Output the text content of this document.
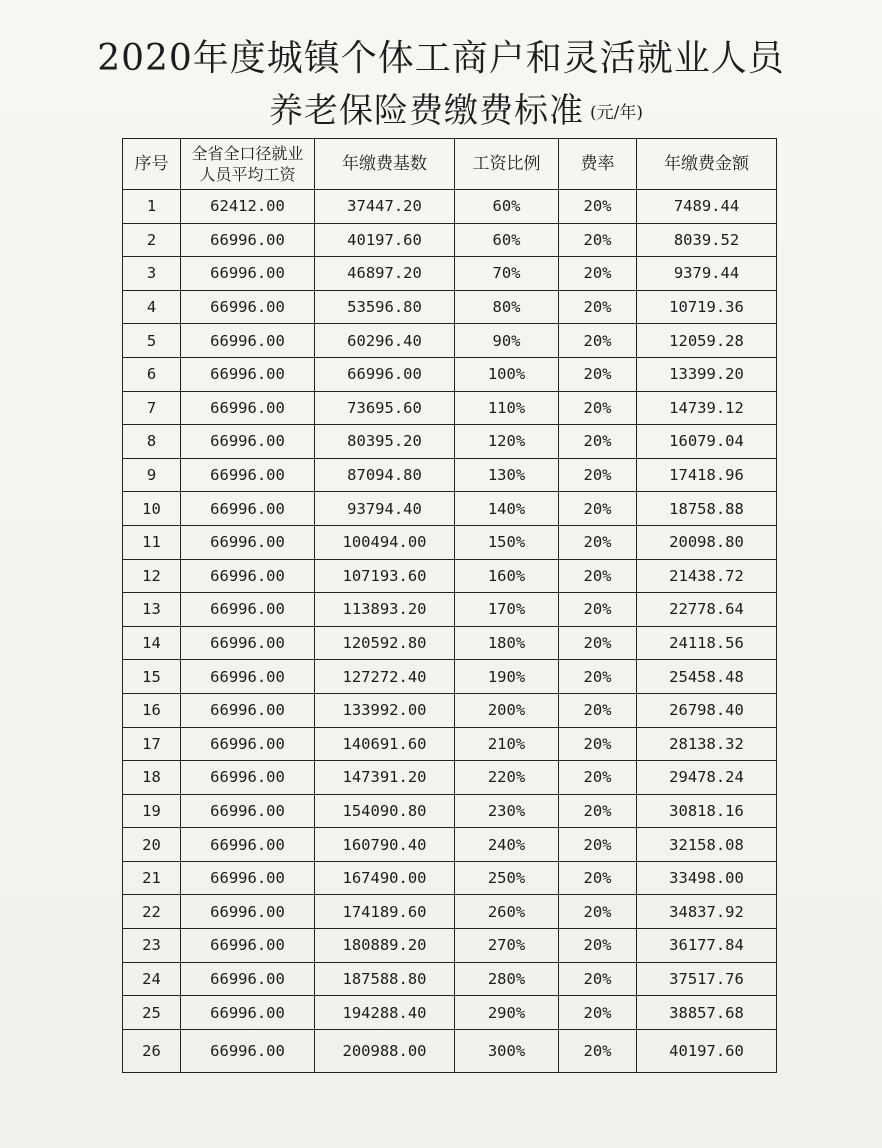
2020年度城镇个体工商户和灵活就业人员
养老保险费缴费标准 (元/年)
序号	全省全口径就业人员平均工资	年缴费基数	工资比例	费率	年缴费金额
1	62412.00	37447.20	60%	20%	7489.44
2	66996.00	40197.60	60%	20%	8039.52
3	66996.00	46897.20	70%	20%	9379.44
4	66996.00	53596.80	80%	20%	10719.36
5	66996.00	60296.40	90%	20%	12059.28
6	66996.00	66996.00	100%	20%	13399.20
7	66996.00	73695.60	110%	20%	14739.12
8	66996.00	80395.20	120%	20%	16079.04
9	66996.00	87094.80	130%	20%	17418.96
10	66996.00	93794.40	140%	20%	18758.88
11	66996.00	100494.00	150%	20%	20098.80
12	66996.00	107193.60	160%	20%	21438.72
13	66996.00	113893.20	170%	20%	22778.64
14	66996.00	120592.80	180%	20%	24118.56
15	66996.00	127272.40	190%	20%	25458.48
16	66996.00	133992.00	200%	20%	26798.40
17	66996.00	140691.60	210%	20%	28138.32
18	66996.00	147391.20	220%	20%	29478.24
19	66996.00	154090.80	230%	20%	30818.16
20	66996.00	160790.40	240%	20%	32158.08
21	66996.00	167490.00	250%	20%	33498.00
22	66996.00	174189.60	260%	20%	34837.92
23	66996.00	180889.20	270%	20%	36177.84
24	66996.00	187588.80	280%	20%	37517.76
25	66996.00	194288.40	290%	20%	38857.68
26	66996.00	200988.00	300%	20%	40197.60
